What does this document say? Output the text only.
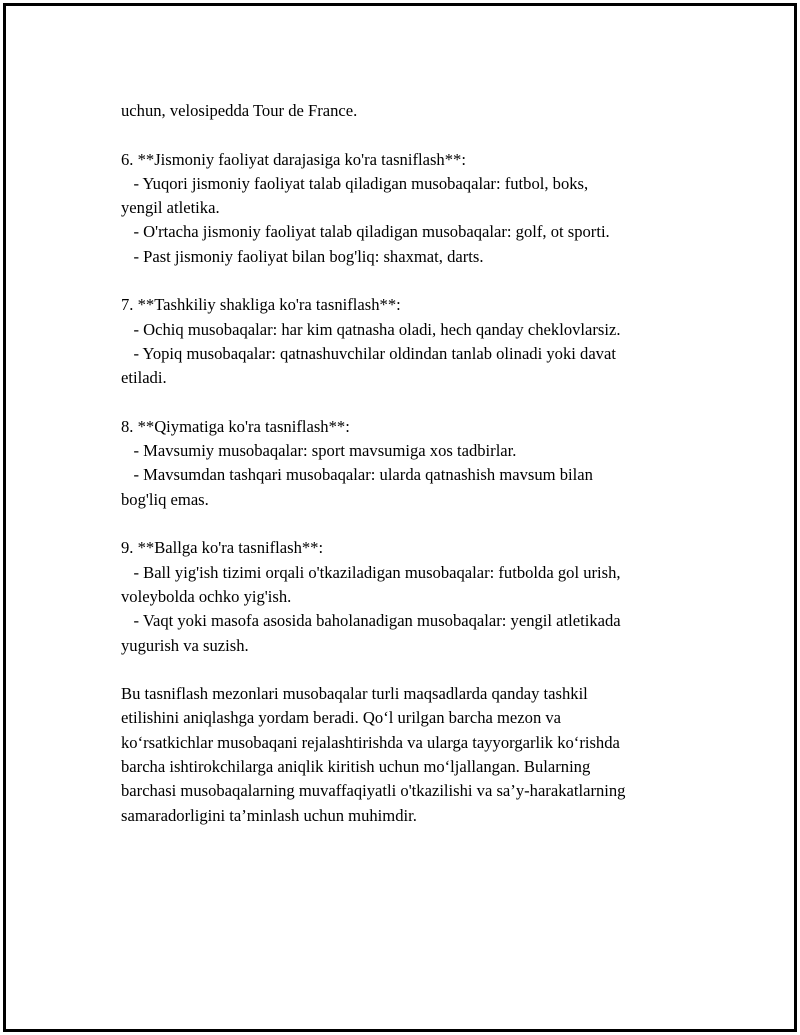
uchun, velosipedda Tour de France.
6. **Jismoniy faoliyat darajasiga ko'ra tasniflash**:
- Yuqori jismoniy faoliyat talab qiladigan musobaqalar: futbol, boks,
yengil atletika.
- O'rtacha jismoniy faoliyat talab qiladigan musobaqalar: golf, ot sporti.
- Past jismoniy faoliyat bilan bog'liq: shaxmat, darts.
7. **Tashkiliy shakliga ko'ra tasniflash**:
- Ochiq musobaqalar: har kim qatnasha oladi, hech qanday cheklovlarsiz.
- Yopiq musobaqalar: qatnashuvchilar oldindan tanlab olinadi yoki davat
etiladi.
8. **Qiymatiga ko'ra tasniflash**:
- Mavsumiy musobaqalar: sport mavsumiga xos tadbirlar.
- Mavsumdan tashqari musobaqalar: ularda qatnashish mavsum bilan
bog'liq emas.
9. **Ballga ko'ra tasniflash**:
- Ball yig'ish tizimi orqali o'tkaziladigan musobaqalar: futbolda gol urish,
voleybolda ochko yig'ish.
- Vaqt yoki masofa asosida baholanadigan musobaqalar: yengil atletikada
yugurish va suzish.
Bu tasniflash mezonlari musobaqalar turli maqsadlarda qanday tashkil
etilishini aniqlashga yordam beradi. Qo‘l urilgan barcha mezon va
ko‘rsatkichlar musobaqani rejalashtirishda va ularga tayyorgarlik ko‘rishda
barcha ishtirokchilarga aniqlik kiritish uchun mo‘ljallangan. Bularning
barchasi musobaqalarning muvaffaqiyatli o'tkazilishi va sa’y-harakatlarning
samaradorligini ta’minlash uchun muhimdir.
